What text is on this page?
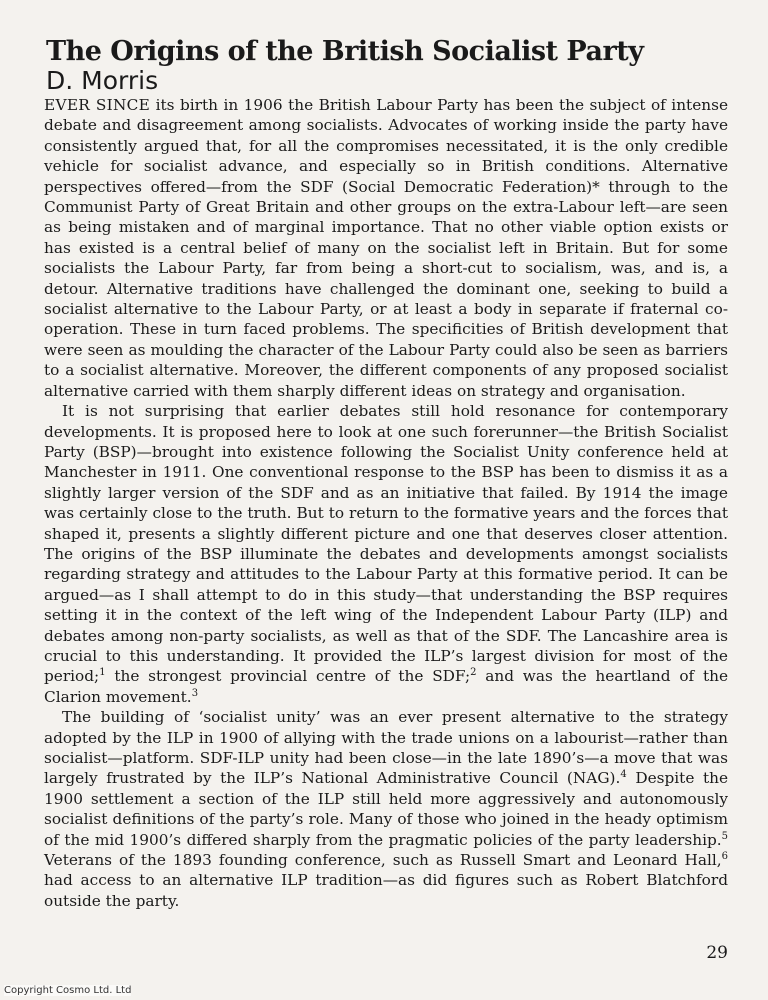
The Origins of the British Socialist Party
D. Morris

EVER SINCE its birth in 1906 the British Labour Party has been the subject of intense debate and disagreement among socialists. Advocates of working inside the party have consistently argued that, for all the compromises necessitated, it is the only credible vehicle for socialist advance, and especially so in British conditions. Alternative perspectives offered—from the SDF (Social Democratic Federation)* through to the Communist Party of Great Britain and other groups on the extra-Labour left—are seen as being mistaken and of marginal importance. That no other viable option exists or has existed is a central belief of many on the socialist left in Britain. But for some socialists the Labour Party, far from being a short-cut to socialism, was, and is, a detour. Alternative traditions have challenged the dominant one, seeking to build a socialist alternative to the Labour Party, or at least a body in separate if fraternal co-operation. These in turn faced problems. The specificities of British development that were seen as moulding the character of the Labour Party could also be seen as barriers to a socialist alternative. Moreover, the different components of any proposed socialist alternative carried with them sharply different ideas on strategy and organisation.

It is not surprising that earlier debates still hold resonance for contemporary developments. It is proposed here to look at one such forerunner—the British Socialist Party (BSP)—brought into existence following the Socialist Unity conference held at Manchester in 1911. One conventional response to the BSP has been to dismiss it as a slightly larger version of the SDF and as an initiative that failed. By 1914 the image was certainly close to the truth. But to return to the formative years and the forces that shaped it, presents a slightly different picture and one that deserves closer attention. The origins of the BSP illuminate the debates and developments amongst socialists regarding strategy and attitudes to the Labour Party at this formative period. It can be argued—as I shall attempt to do in this study—that understanding the BSP requires setting it in the context of the left wing of the Independent Labour Party (ILP) and debates among non-party socialists, as well as that of the SDF. The Lancashire area is crucial to this understanding. It provided the ILP’s largest division for most of the period;$^1$ the strongest provincial centre of the SDF;$^2$ and was the heartland of the Clarion movement.$^3$

The building of ‘socialist unity’ was an ever present alternative to the strategy adopted by the ILP in 1900 of allying with the trade unions on a labourist—rather than socialist—platform. SDF-ILP unity had been close—in the late 1890’s—a move that was largely frustrated by the ILP’s National Administrative Council (NAG).$^4$ Despite the 1900 settlement a section of the ILP still held more aggressively and autonomously socialist definitions of the party’s role. Many of those who joined in the heady optimism of the mid 1900’s differed sharply from the pragmatic policies of the party leadership.$^5$ Veterans of the 1893 founding conference, such as Russell Smart and Leonard Hall,$^6$ had access to an alternative ILP tradition—as did figures such as Robert Blatchford outside the party.

29
Copyright Cosmo Ltd. Ltd
